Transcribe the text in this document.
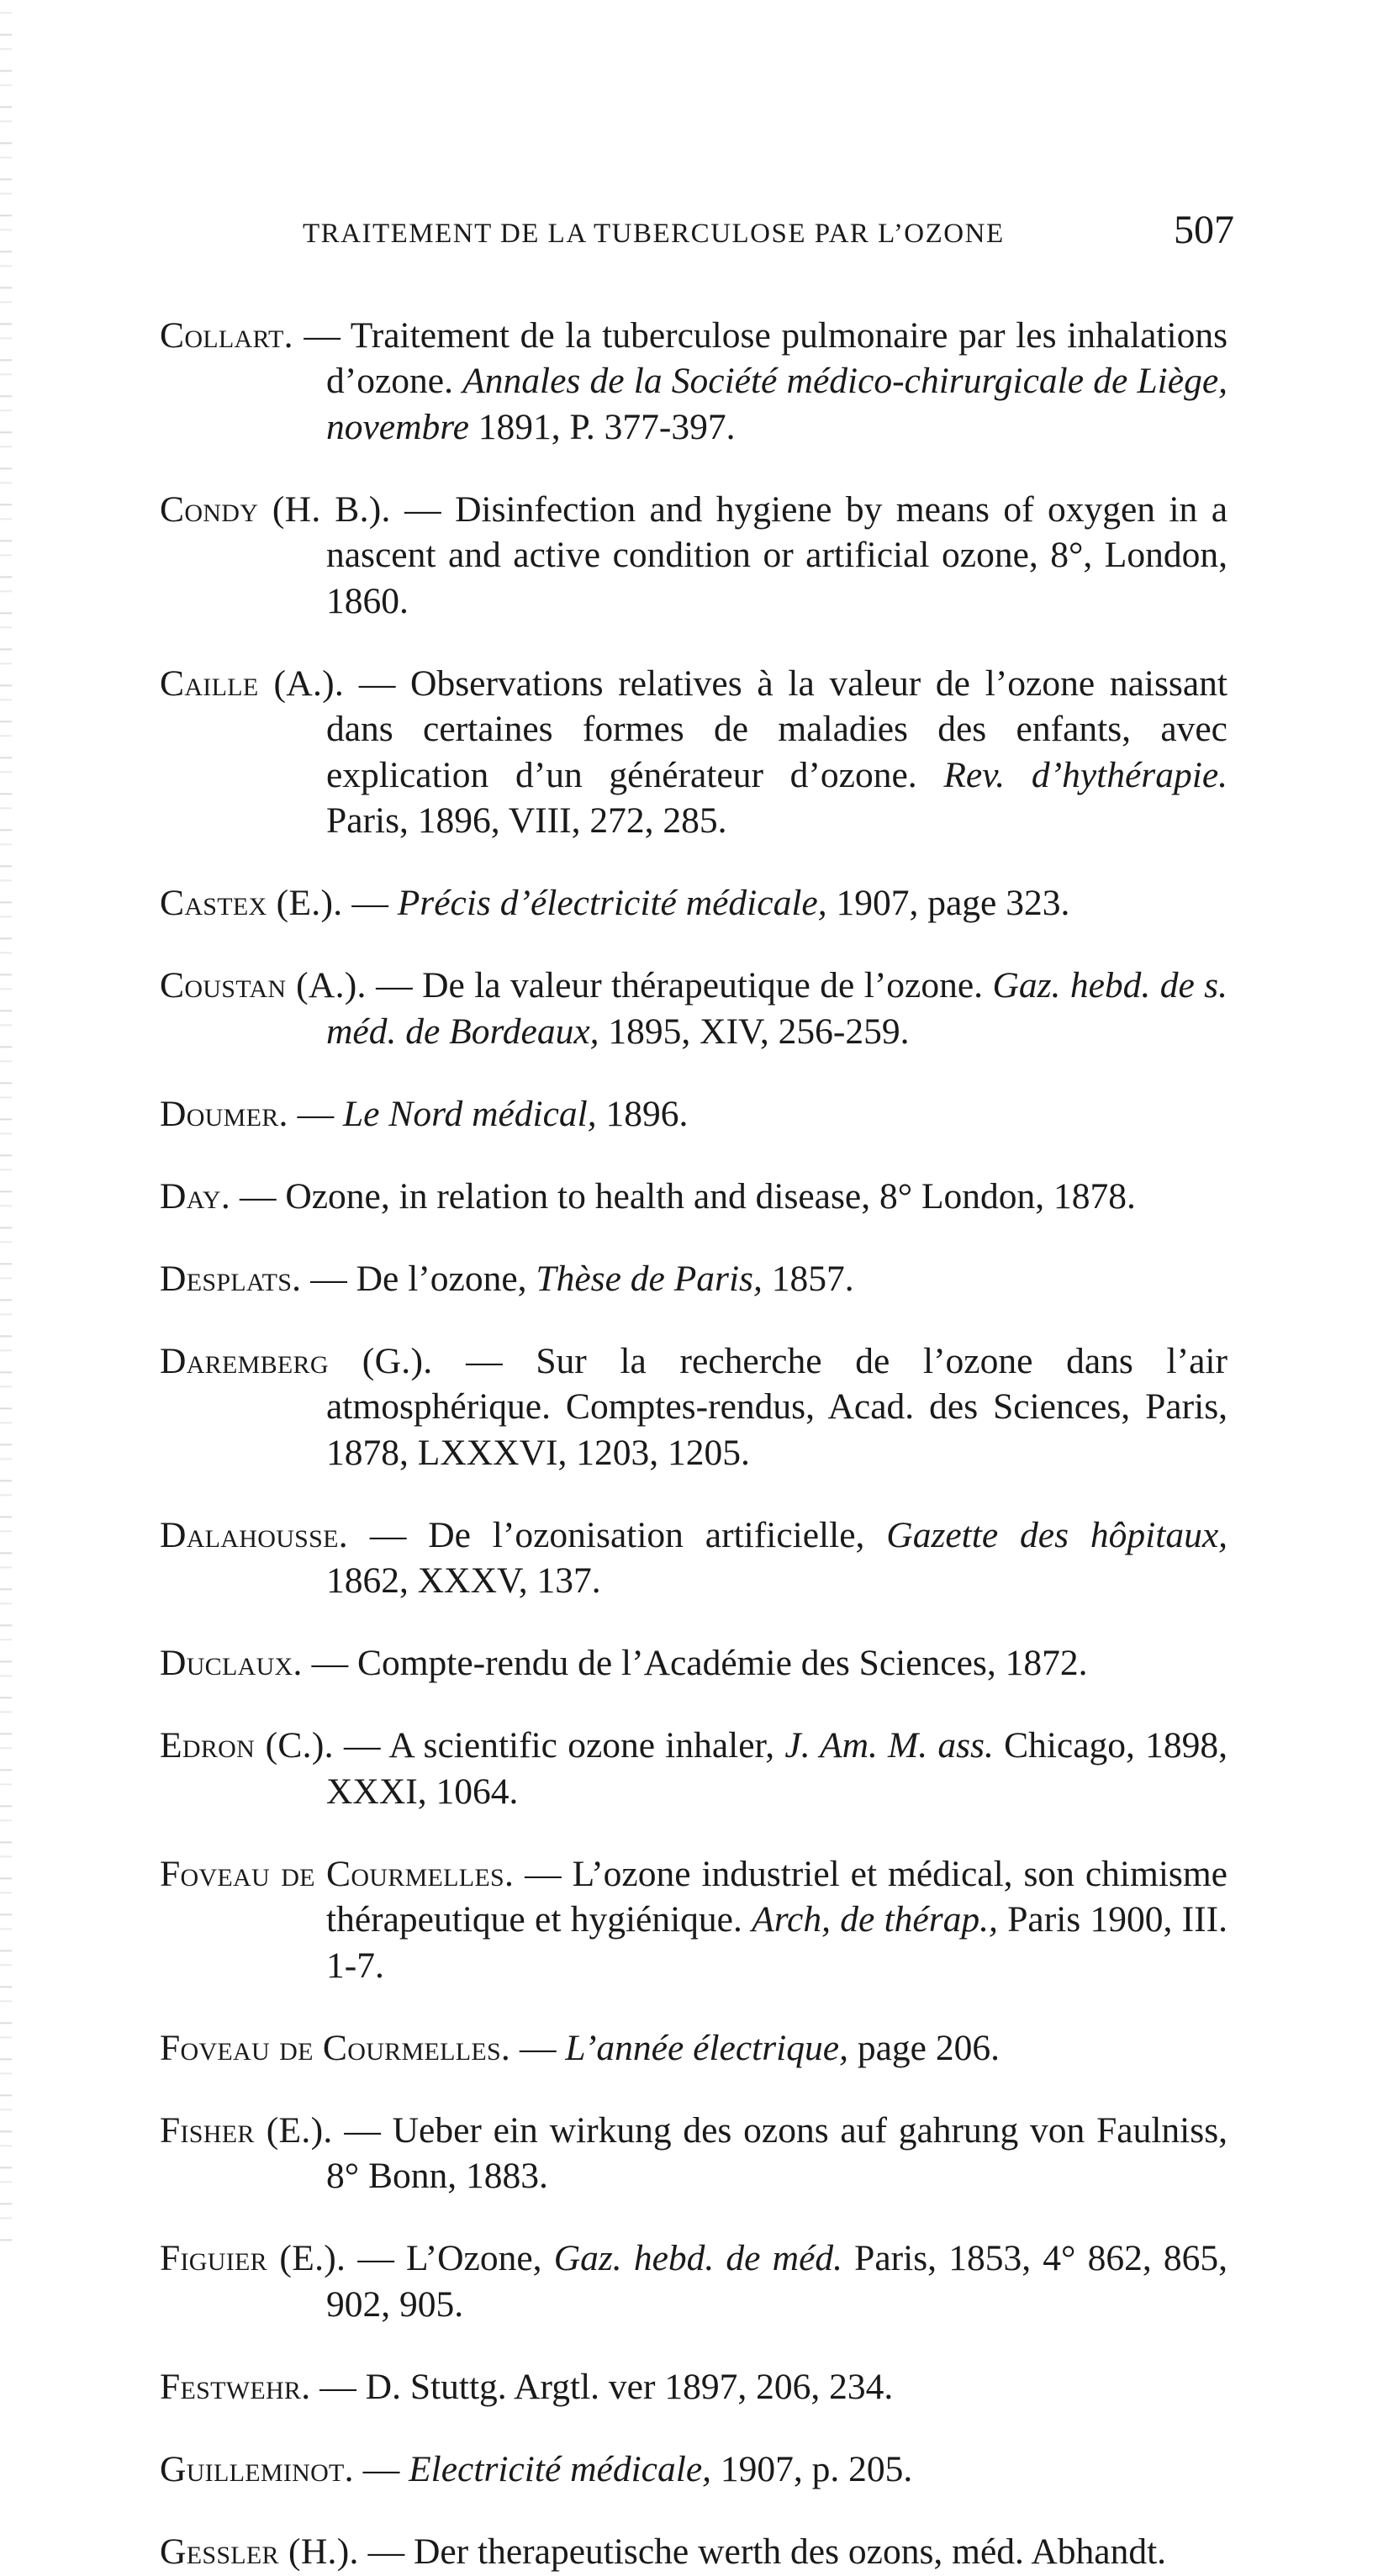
TRAITEMENT DE LA TUBERCULOSE PAR L’OZONE	507

Collart. — Traitement de la tuberculose pulmonaire par les inhalations d’ozone. Annales de la Société médico-chirurgicale de Liège, novembre 1891, P. 377-397.

Condy (H. B.). — Disinfection and hygiene by means of oxygen in a nascent and active condition or artificial ozone, 8°, London, 1860.

Caille (A.). — Observations relatives à la valeur de l’ozone naissant dans certaines formes de maladies des enfants, avec explication d’un générateur d’ozone. Rev. d’hythérapie. Paris, 1896, VIII, 272, 285.

Castex (E.). — Précis d’électricité médicale, 1907, page 323.

Coustan (A.). — De la valeur thérapeutique de l’ozone. Gaz. hebd. de s. méd. de Bordeaux, 1895, XIV, 256-259.

Doumer. — Le Nord médical, 1896.

Day. — Ozone, in relation to health and disease, 8° London, 1878.

Desplats. — De l’ozone, Thèse de Paris, 1857.

Daremberg (G.). — Sur la recherche de l’ozone dans l’air atmosphérique. Comptes-rendus, Acad. des Sciences, Paris, 1878, LXXXVI, 1203, 1205.

Dalahousse. — De l’ozonisation artificielle, Gazette des hôpitaux, 1862, XXXV, 137.

Duclaux. — Compte-rendu de l’Académie des Sciences, 1872.

Edron (C.). — A scientific ozone inhaler, J. Am. M. ass. Chicago, 1898, XXXI, 1064.

Foveau de Courmelles. — L’ozone industriel et médical, son chimisme thérapeutique et hygiénique. Arch, de thérap., Paris 1900, III. 1-7.

Foveau de Courmelles. — L’année électrique, page 206.

Fisher (E.). — Ueber ein wirkung des ozons auf gahrung von Faulniss, 8° Bonn, 1883.

Figuier (E.). — L’Ozone, Gaz. hebd. de méd. Paris, 1853, 4° 862, 865, 902, 905.

Festwehr. — D. Stuttg. Argtl. ver 1897, 206, 234.

Guilleminot. — Electricité médicale, 1907, p. 205.

Gessler (H.). — Der therapeutische werth des ozons, méd. Abhandt.
